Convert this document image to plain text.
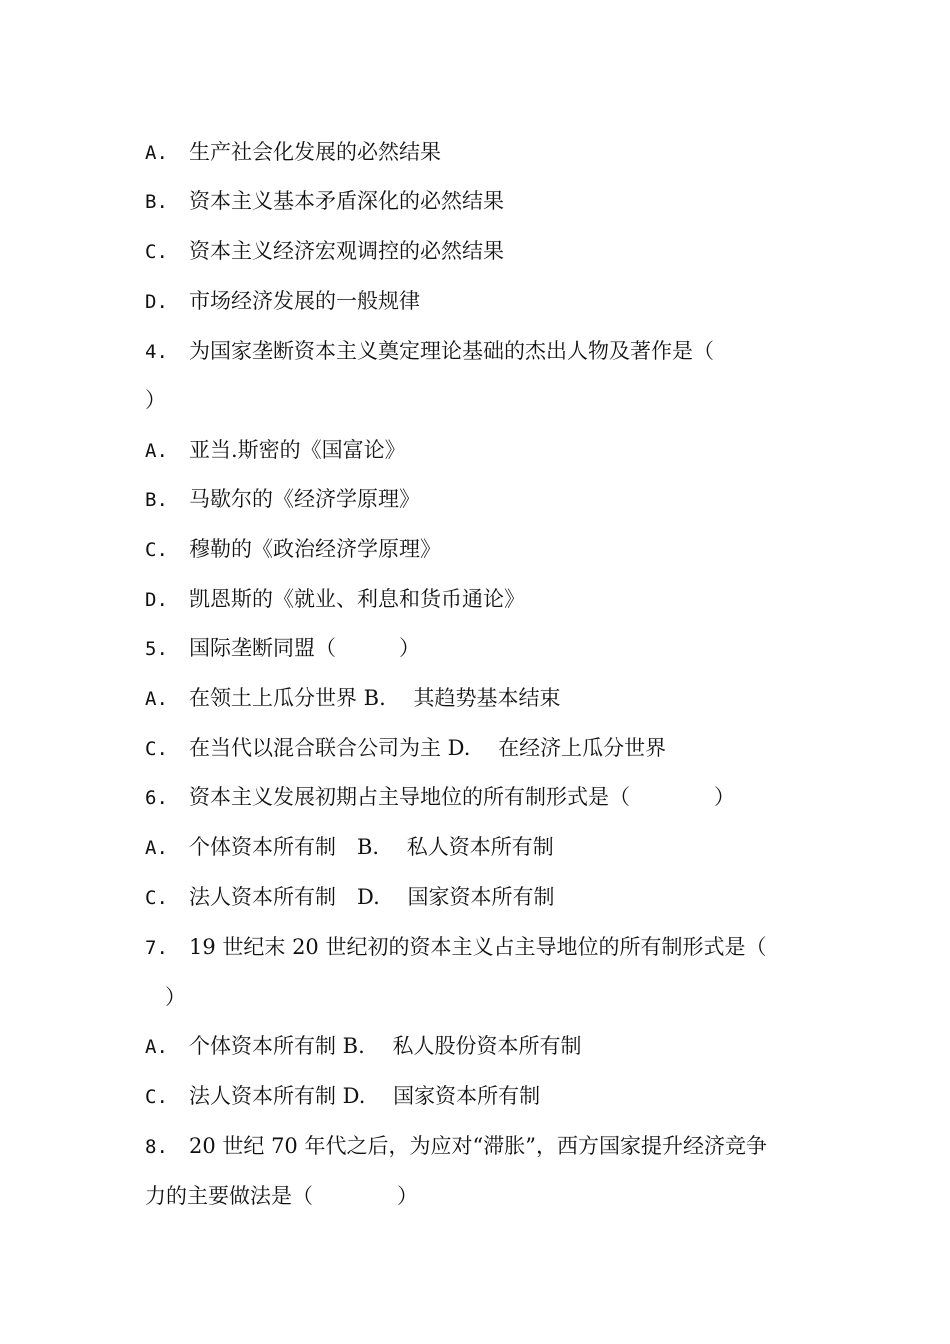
A. 生产社会化发展的必然结果
B. 资本主义基本矛盾深化的必然结果
C. 资本主义经济宏观调控的必然结果
D. 市场经济发展的一般规律
4. 为国家垄断资本主义奠定理论基础的杰出人物及著作是（
）
A. 亚当.斯密的《国富论》
B. 马歇尔的《经济学原理》
C. 穆勒的《政治经济学原理》
D. 凯恩斯的《就业、利息和货币通论》
5. 国际垄断同盟（　　　）
A. 在领土上瓜分世界 B.　 其趋势基本结束
C. 在当代以混合联合公司为主 D.　 在经济上瓜分世界
6. 资本主义发展初期占主导地位的所有制形式是（　　　　）
A. 个体资本所有制　B.　 私人资本所有制
C. 法人资本所有制　D.　 国家资本所有制
7. 19 世纪末 20 世纪初的资本主义占主导地位的所有制形式是（
）
A. 个体资本所有制 B.　 私人股份资本所有制
C. 法人资本所有制 D.　 国家资本所有制
8. 20 世纪 70 年代之后，为应对“滞胀”，西方国家提升经济竞争
力的主要做法是（　　　　）
